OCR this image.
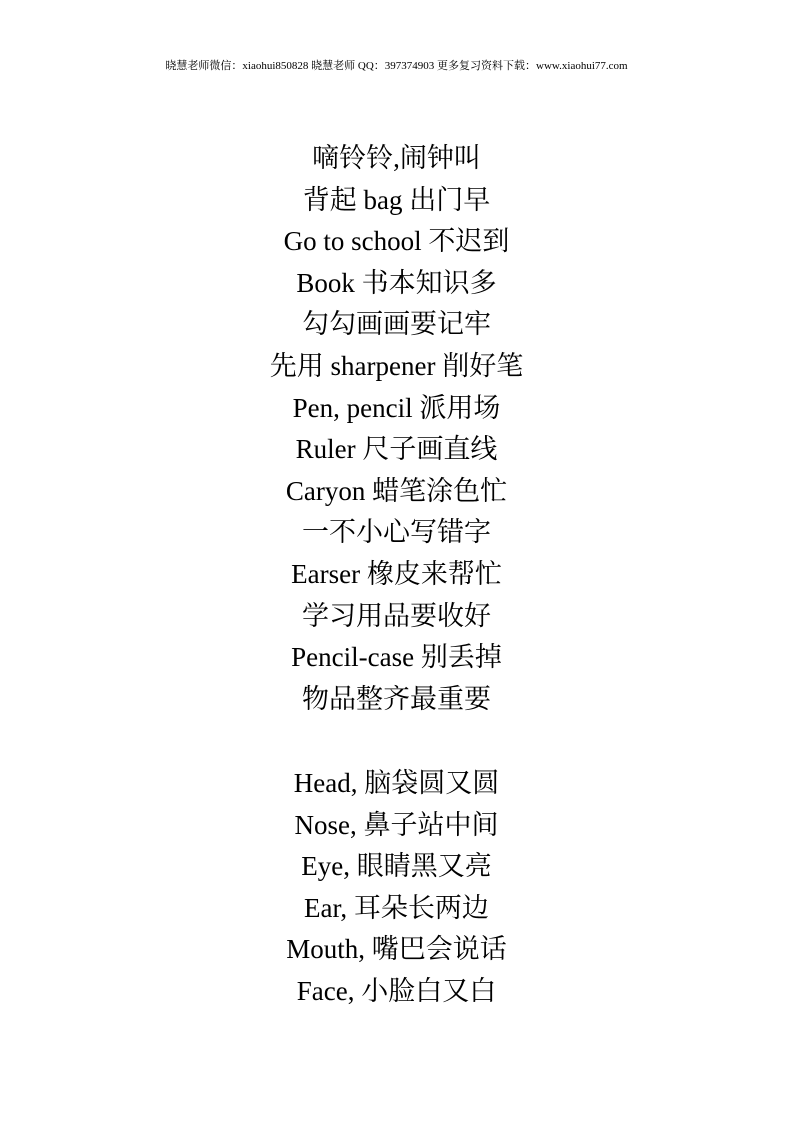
晓慧老师微信：xiaohui850828 晓慧老师 QQ：397374903 更多复习资料下载：www.xiaohui77.com
嘀铃铃,闹钟叫
背起 bag 出门早
Go to school 不迟到
Book 书本知识多
勾勾画画要记牢
先用 sharpener 削好笔
Pen, pencil 派用场
Ruler 尺子画直线
Caryon 蜡笔涂色忙
一不小心写错字
Earser 橡皮来帮忙
学习用品要收好
Pencil-case 别丢掉
物品整齐最重要
Head, 脑袋圆又圆
Nose, 鼻子站中间
Eye, 眼睛黑又亮
Ear, 耳朵长两边
Mouth, 嘴巴会说话
Face, 小脸白又白
